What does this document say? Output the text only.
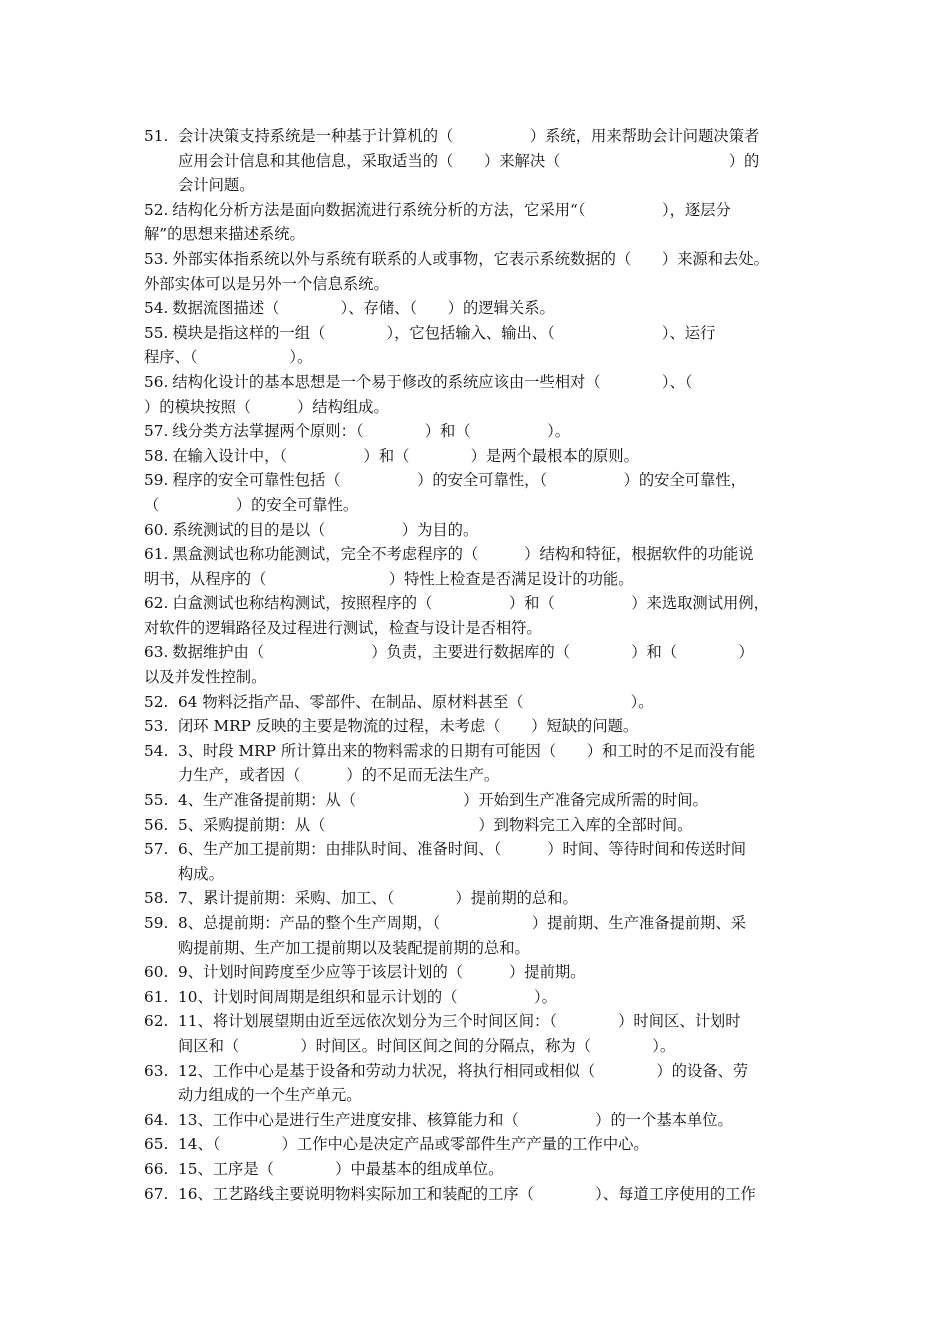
51. 会计决策支持系统是一种基于计算机的（　　　　　）系统，用来帮助会计问题决策者
应用会计信息和其他信息，采取适当的（　　）来解决（　　　　　　　　　　　）的
会计问题。

52. 结构化分析方法是面向数据流进行系统分析的方法，它采用“（　　　　　），逐层分
解”的思想来描述系统。

53. 外部实体指系统以外与系统有联系的人或事物，它表示系统数据的（　　）来源和去处。
外部实体可以是另外一个信息系统。

54. 数据流图描述（　　　　）、存储、（　　）的逻辑关系。

55. 模块是指这样的一组（　　　　），它包括输入、输出、（　　　　　　　）、运行
程序、（　　　　　　）。

56. 结构化设计的基本思想是一个易于修改的系统应该由一些相对（　　　　）、（
）的模块按照（　　　）结构组成。

57. 线分类方法掌握两个原则：（　　　　）和（　　　　　）。

58. 在输入设计中，（　　　　　）和（　　　　）是两个最根本的原则。

59. 程序的安全可靠性包括（　　　　　）的安全可靠性，（　　　　　）的安全可靠性，
（　　　　　）的安全可靠性。

60. 系统测试的目的是以（　　　　　）为目的。

61. 黑盒测试也称功能测试，完全不考虑程序的（　　　）结构和特征，根据软件的功能说
明书，从程序的（　　　　　　　　）特性上检查是否满足设计的功能。

62. 白盒测试也称结构测试，按照程序的（　　　　　）和（　　　　　）来选取测试用例，
对软件的逻辑路径及过程进行测试，检查与设计是否相符。

63. 数据维护由（　　　　　　　）负责，主要进行数据库的（　　　　）和（　　　　）
以及并发性控制。

52. 64 物料泛指产品、零部件、在制品、原材料甚至（　　　　　　　）。

53. 闭环 MRP 反映的主要是物流的过程，未考虑（　　）短缺的问题。

54. 3、时段 MRP 所计算出来的物料需求的日期有可能因（　　）和工时的不足而没有能
力生产，或者因（　　　）的不足而无法生产。

55. 4、生产准备提前期：从（　　　　　　　）开始到生产准备完成所需的时间。

56. 5、采购提前期：从（　　　　　　　　　　）到物料完工入库的全部时间。

57. 6、生产加工提前期：由排队时间、准备时间、（　　　）时间、等待时间和传送时间
构成。

58. 7、累计提前期：采购、加工、（　　　　）提前期的总和。

59. 8、总提前期：产品的整个生产周期，（　　　　　　）提前期、生产准备提前期、采
购提前期、生产加工提前期以及装配提前期的总和。

60. 9、计划时间跨度至少应等于该层计划的（　　　）提前期。

61. 10、计划时间周期是组织和显示计划的（　　　　　）。

62. 11、将计划展望期由近至远依次划分为三个时间区间：（　　　　）时间区、计划时
间区和（　　　　）时间区。时间区间之间的分隔点，称为（　　　　）。

63. 12、工作中心是基于设备和劳动力状况，将执行相同或相似（　　　　）的设备、劳
动力组成的一个生产单元。

64. 13、工作中心是进行生产进度安排、核算能力和（　　　　　）的一个基本单位。

65. 14、（　　　　）工作中心是决定产品或零部件生产产量的工作中心。

66. 15、工序是（　　　　）中最基本的组成单位。

67. 16、工艺路线主要说明物料实际加工和装配的工序（　　　　）、每道工序使用的工作
